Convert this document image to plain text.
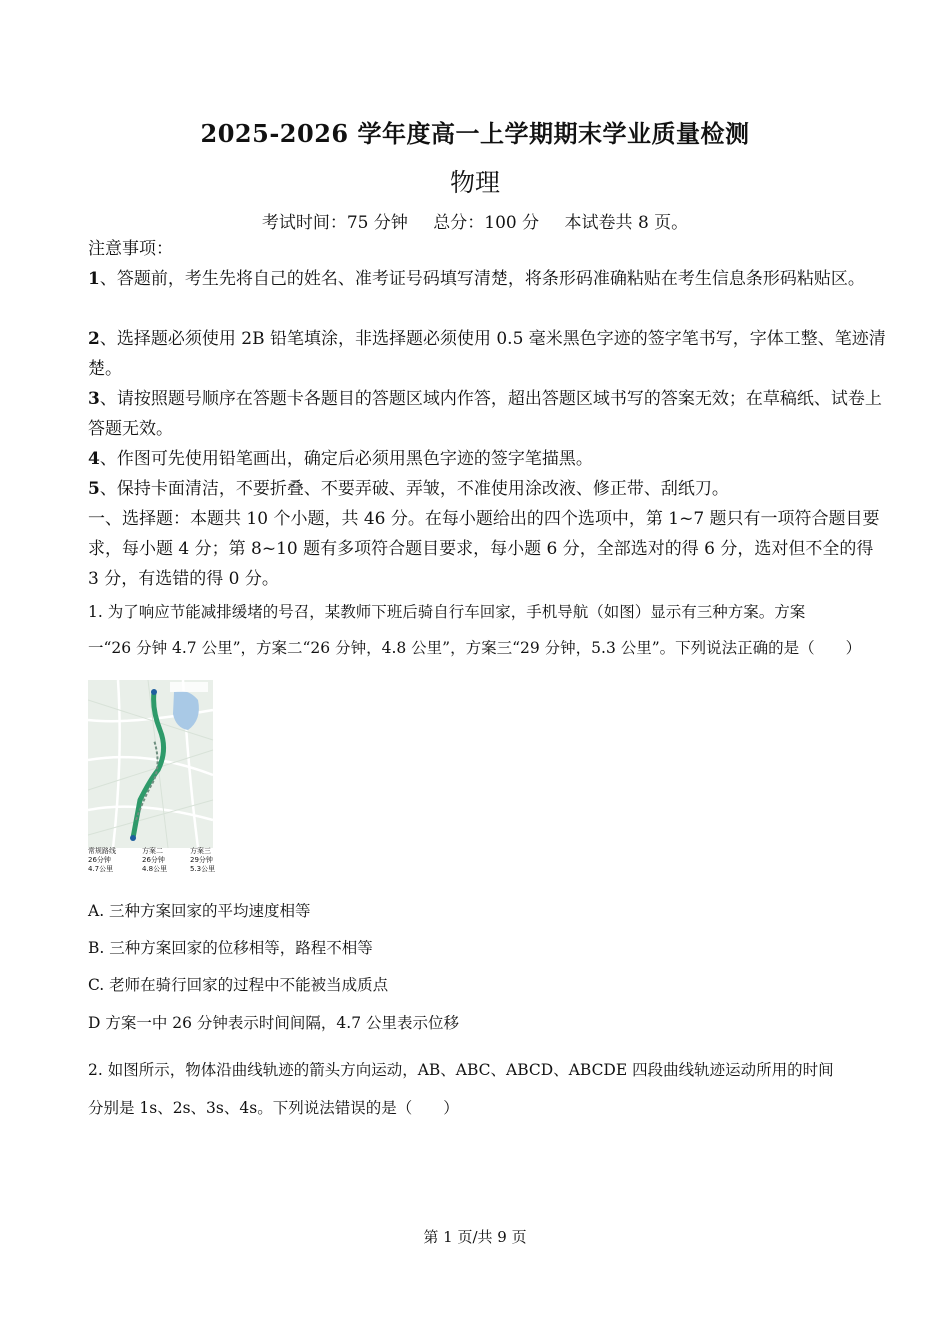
2025-2026 学年度高一上学期期末学业质量检测
物理
考试时间：75 分钟 总分：100 分 本试卷共 8 页。
注意事项：
1、答题前，考生先将自己的姓名、准考证号码填写清楚，将条形码准确粘贴在考生信息条形码粘贴区。
2、选择题必须使用 2B 铅笔填涂，非选择题必须使用 0.5 毫米黑色字迹的签字笔书写，字体工整、笔迹清楚。
3、请按照题号顺序在答题卡各题目的答题区域内作答，超出答题区域书写的答案无效；在草稿纸、试卷上答题无效。
4、作图可先使用铅笔画出，确定后必须用黑色字迹的签字笔描黑。
5、保持卡面清洁，不要折叠、不要弄破、弄皱，不准使用涂改液、修正带、刮纸刀。
一、选择题：本题共 10 个小题，共 46 分。在每小题给出的四个选项中，第 1~7 题只有一项符合题目要求，每小题 4 分；第 8~10 题有多项符合题目要求，每小题 6 分，全部选对的得 6 分，选对但不全的得 3 分，有选错的得 0 分。
1. 为了响应节能减排缓堵的号召，某教师下班后骑自行车回家，手机导航（如图）显示有三种方案。方案
一“26 分钟 4.7 公里”，方案二“26 分钟，4.8 公里”，方案三“29 分钟，5.3 公里”。下列说法正确的是（　　）
常规路线
26分钟
4.7公里
方案二
26分钟
4.8公里
方案三
29分钟
5.3公里
A. 三种方案回家的平均速度相等
B. 三种方案回家的位移相等，路程不相等
C. 老师在骑行回家的过程中不能被当成质点
D 方案一中 26 分钟表示时间间隔，4.7 公里表示位移
2. 如图所示，物体沿曲线轨迹的箭头方向运动，AB、ABC、ABCD、ABCDE 四段曲线轨迹运动所用的时间
分别是 1s、2s、3s、4s。下列说法错误的是（　　）
第 1 页/共 9 页
